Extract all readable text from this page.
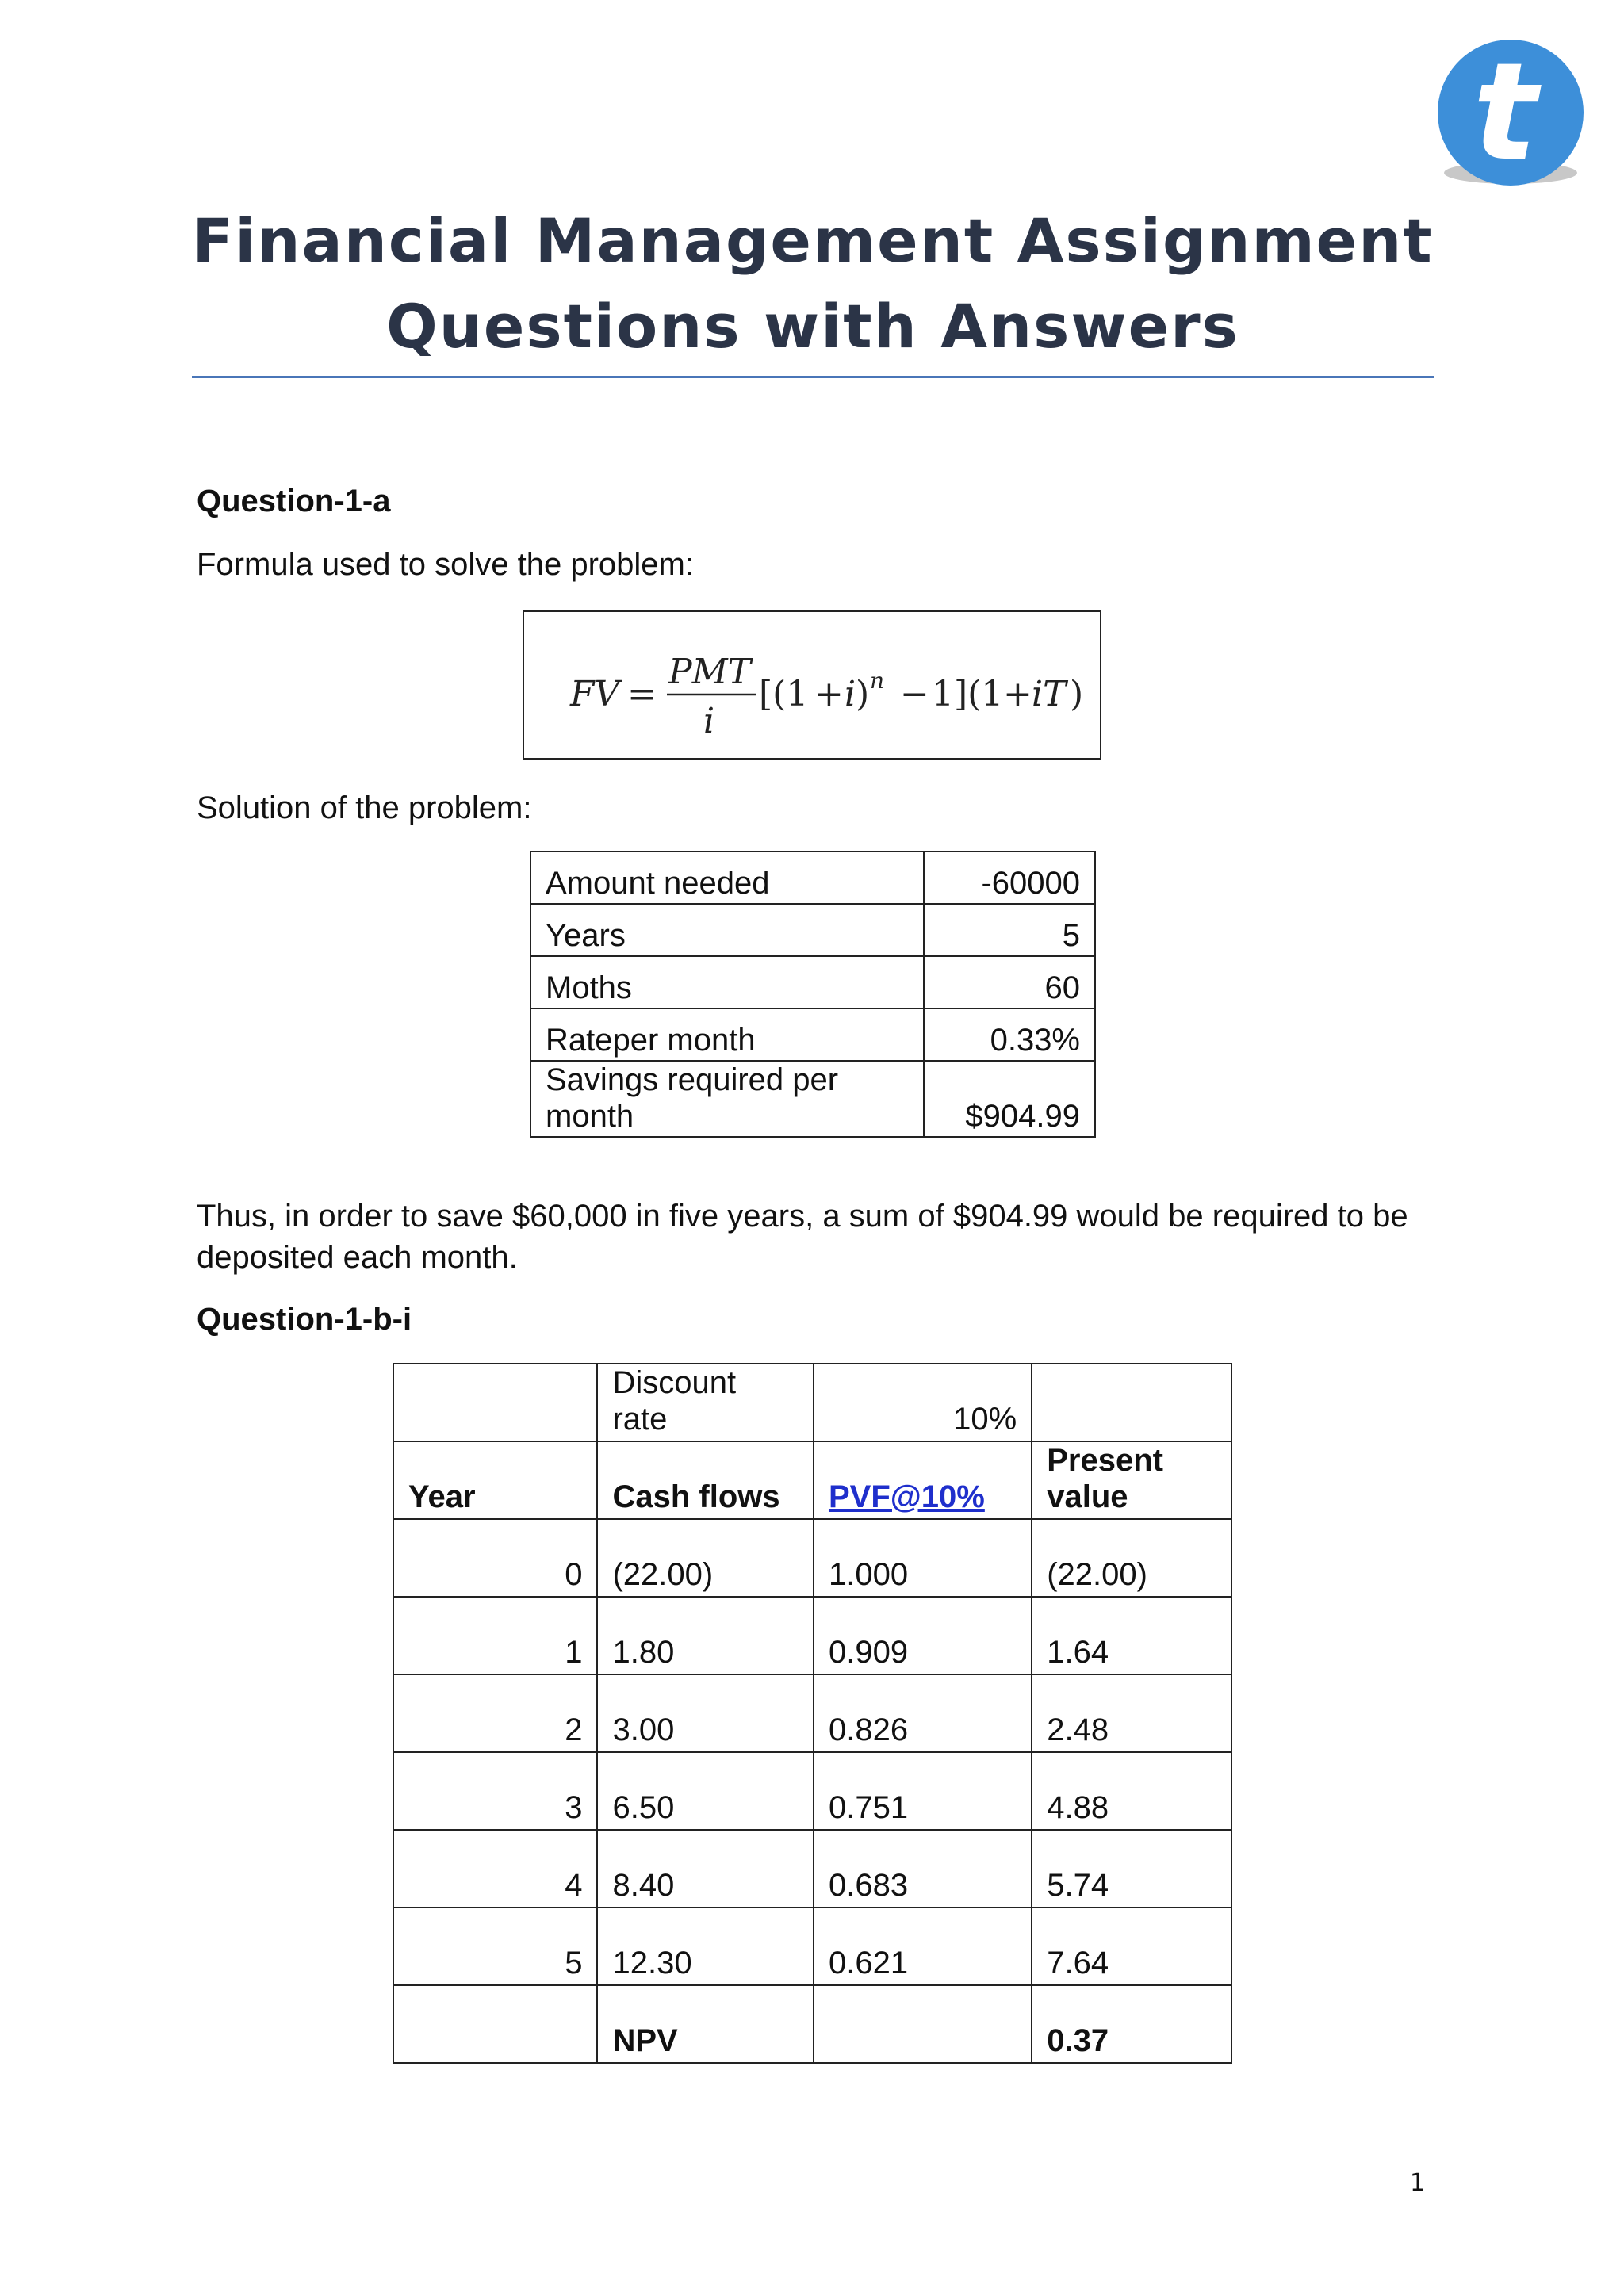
t
Financial Management Assignment
Questions with Answers
Question-1-a
Formula used to solve the problem:
FV =
PMT
i
[(1 + i ) n − 1](1 + iT )
Solution of the problem:
Amount needed	-60000
Years	5
Moths	60
Rateper month	0.33%
Savings required per month	$904.99
Thus, in order to save $60,000 in five years, a sum of $904.99 would be required to be deposited each month.
Question-1-b-i
	Discount rate	10%	
Year	Cash flows	PVF@10%	Present value
0	(22.00)	1.000	(22.00)
1	1.80	0.909	1.64
2	3.00	0.826	2.48
3	6.50	0.751	4.88
4	8.40	0.683	5.74
5	12.30	0.621	7.64
	NPV		0.37
1
